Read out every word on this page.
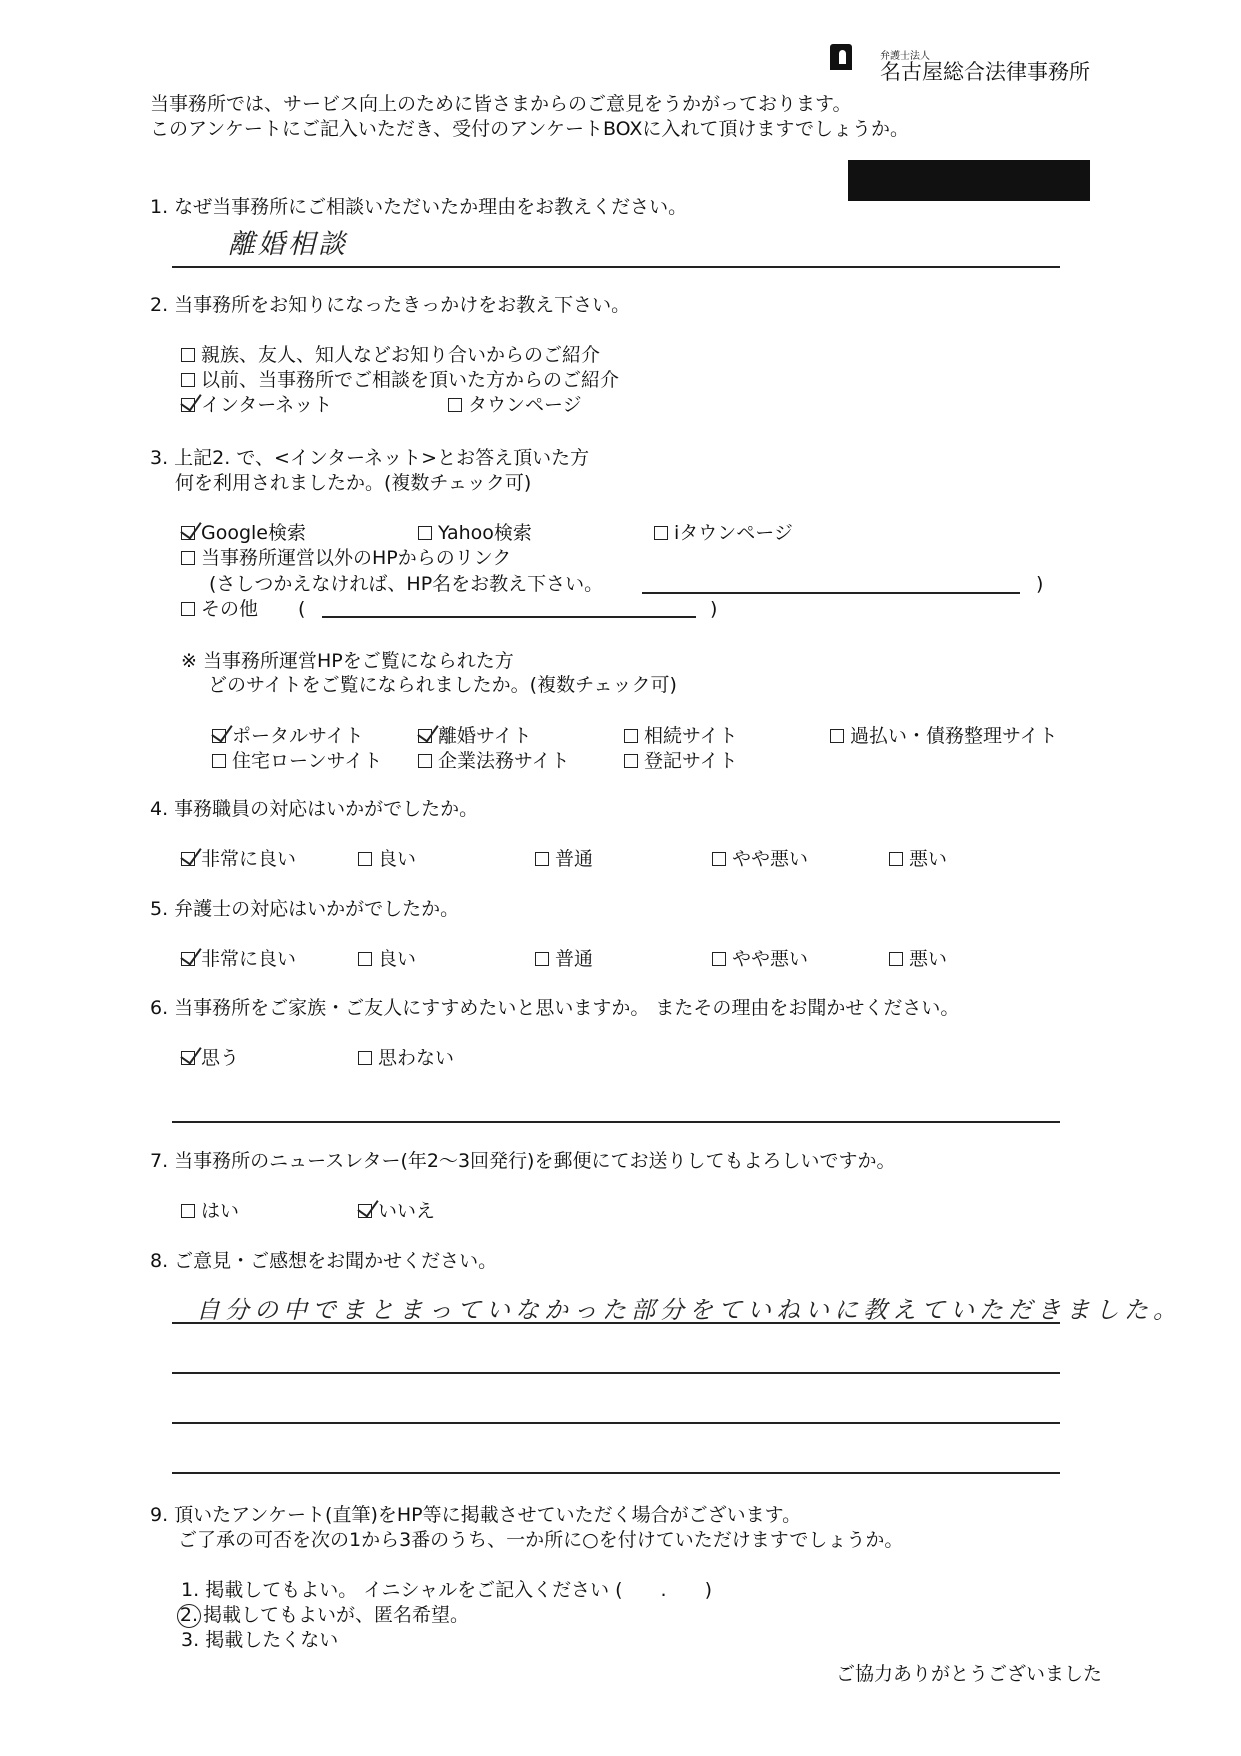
弁護士法人
名古屋総合法律事務所
当事務所では、サービス向上のために皆さまからのご意見をうかがっております。
このアンケートにご記入いただき、受付のアンケートBOXに入れて頂けますでしょうか。
1. なぜ当事務所にご相談いただいたか理由をお教えください。
離婚相談
2. 当事務所をお知りになったきっかけをお教え下さい。
親族、友人、知人などお知り合いからのご紹介
以前、当事務所でご相談を頂いた方からのご紹介
インターネット	タウンページ
3. 上記2. で、<インターネット>とお答え頂いた方
何を利用されましたか。(複数チェック可)
Google検索	Yahoo検索	iタウンページ
当事務所運営以外のHPからのリンク
(さしつかえなければ、HP名をお教え下さい。	)
その他 (	)
※ 当事務所運営HPをご覧になられた方
どのサイトをご覧になられましたか。(複数チェック可)
ポータルサイト	離婚サイト	相続サイト	過払い・債務整理サイト
住宅ローンサイト	企業法務サイト	登記サイト
4. 事務職員の対応はいかがでしたか。
非常に良い	良い	普通	やや悪い	悪い
5. 弁護士の対応はいかがでしたか。
非常に良い	良い	普通	やや悪い	悪い
6. 当事務所をご家族・ご友人にすすめたいと思いますか。 またその理由をお聞かせください。
思う	思わない
7. 当事務所のニュースレター(年2～3回発行)を郵便にてお送りしてもよろしいですか。
はい	いいえ
8. ご意見・ご感想をお聞かせください。
自分の中でまとまっていなかった部分をていねいに教えていただきました。
9. 頂いたアンケート(直筆)をHP等に掲載させていただく場合がございます。
ご了承の可否を次の1から3番のうち、一か所に○を付けていただけますでしょうか。
1. 掲載してもよい。 イニシャルをご記入ください (　　.　　)
2. 掲載してもよいが、匿名希望。
3. 掲載したくない
ご協力ありがとうございました
